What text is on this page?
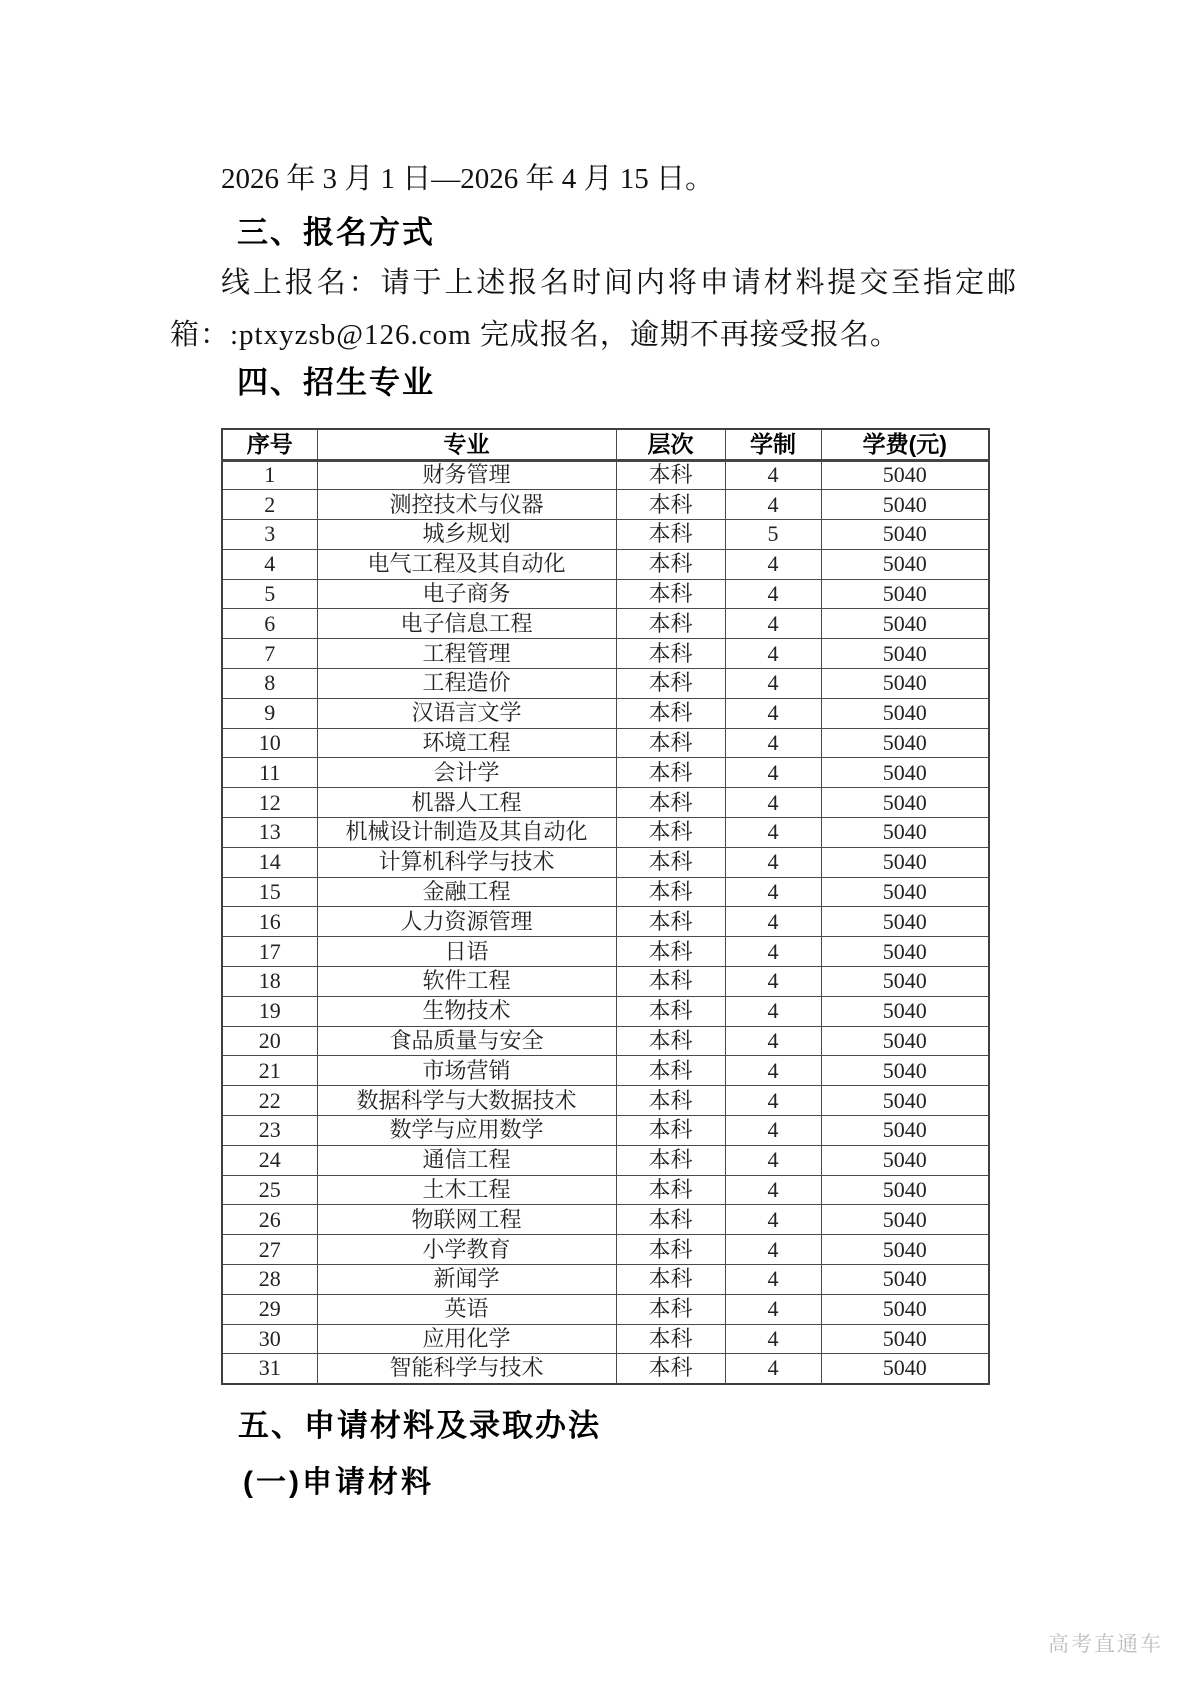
2026 年 3 月 1 日—2026 年 4 月 15 日。
三、报名方式
线上报名：请于上述报名时间内将申请材料提交至指定邮
箱：:ptxyzsb@126.com 完成报名，逾期不再接受报名。
四、招生专业
序号	专业	层次	学制	学费(元)
1	财务管理	本科	4	5040
2	测控技术与仪器	本科	4	5040
3	城乡规划	本科	5	5040
4	电气工程及其自动化	本科	4	5040
5	电子商务	本科	4	5040
6	电子信息工程	本科	4	5040
7	工程管理	本科	4	5040
8	工程造价	本科	4	5040
9	汉语言文学	本科	4	5040
10	环境工程	本科	4	5040
11	会计学	本科	4	5040
12	机器人工程	本科	4	5040
13	机械设计制造及其自动化	本科	4	5040
14	计算机科学与技术	本科	4	5040
15	金融工程	本科	4	5040
16	人力资源管理	本科	4	5040
17	日语	本科	4	5040
18	软件工程	本科	4	5040
19	生物技术	本科	4	5040
20	食品质量与安全	本科	4	5040
21	市场营销	本科	4	5040
22	数据科学与大数据技术	本科	4	5040
23	数学与应用数学	本科	4	5040
24	通信工程	本科	4	5040
25	土木工程	本科	4	5040
26	物联网工程	本科	4	5040
27	小学教育	本科	4	5040
28	新闻学	本科	4	5040
29	英语	本科	4	5040
30	应用化学	本科	4	5040
31	智能科学与技术	本科	4	5040
五、申请材料及录取办法
(一)申请材料
高考直通车
